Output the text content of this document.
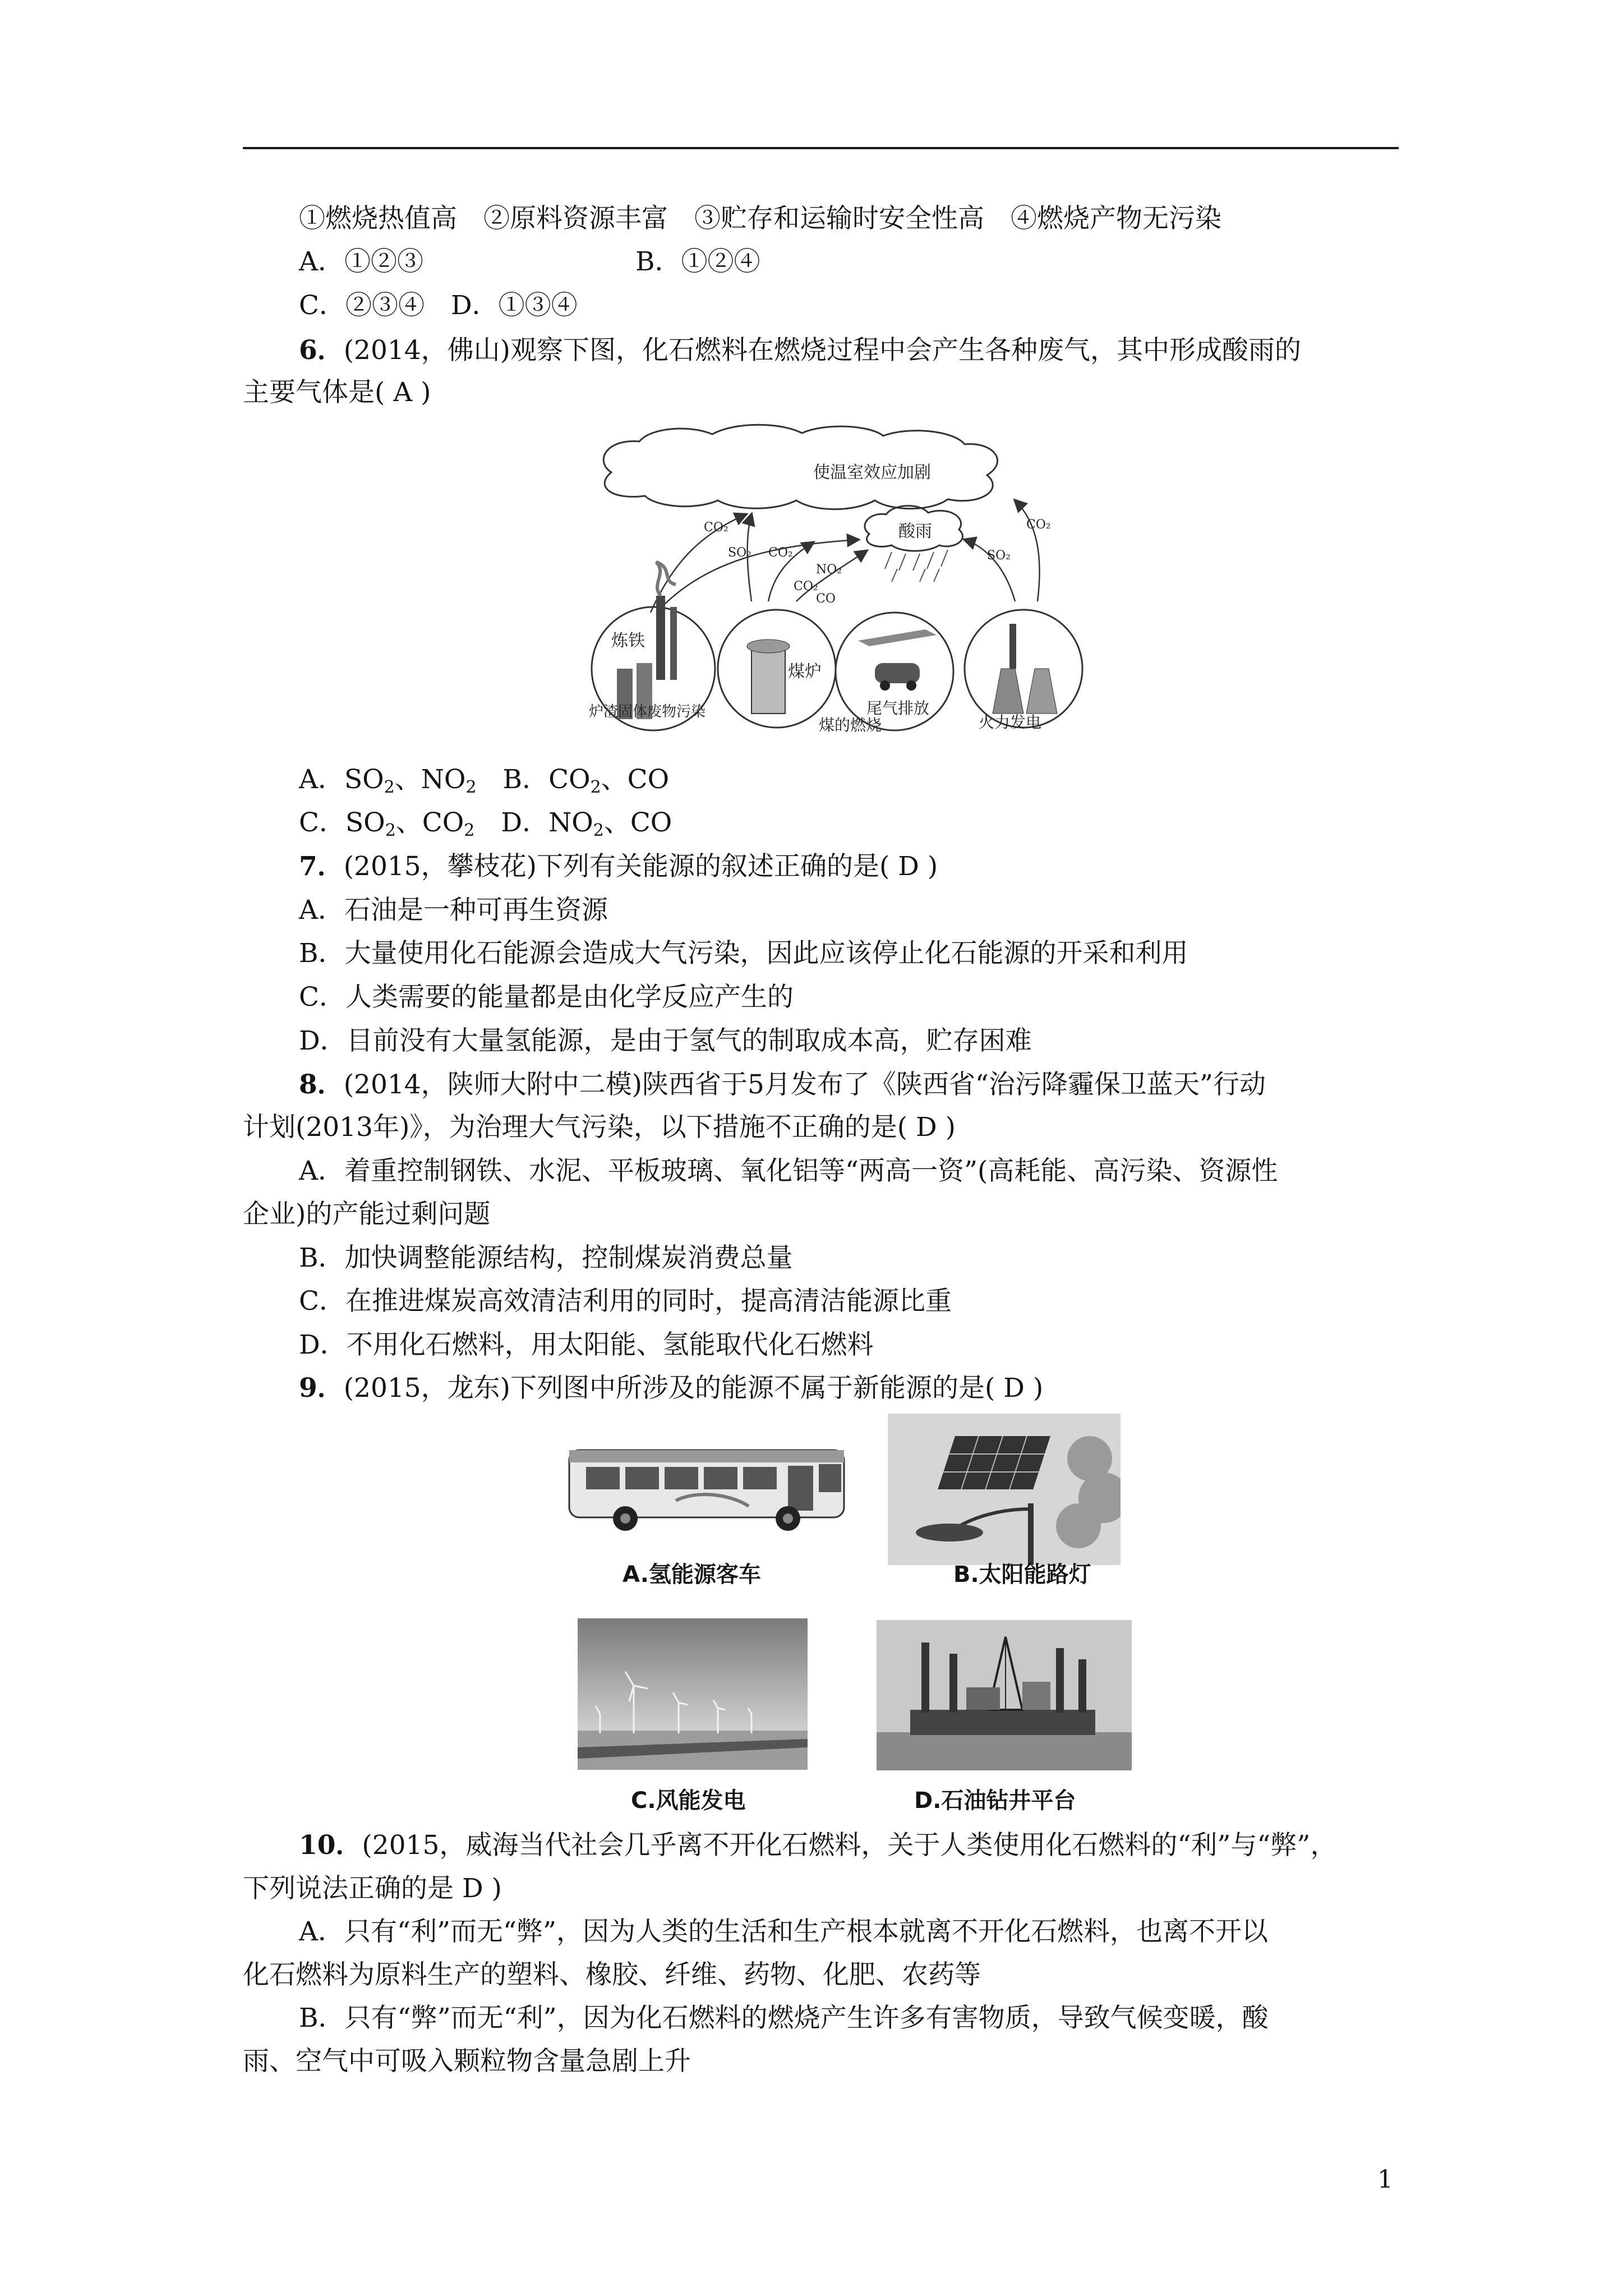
①燃烧热值高　②原料资源丰富　③贮存和运输时安全性高　④燃烧产物无污染
A．①②③	B．①②④
C．②③④　D．①③④
6．(2014，佛山)观察下图，化石燃料在燃烧过程中会产生各种废气，其中形成酸雨的
主要气体是( A )
使温室效应加剧
酸雨
CO₂
SO₂ CO₂
NO₂
CO₂
CO
SO₂
CO₂
炼铁
炉渣固体废物污染
煤炉
煤的燃烧
尾气排放
火力发电
A．$SO_2$、$NO_2$　B．$CO_2$、CO
C．$SO_2$、$CO_2$　D．$NO_2$、CO
7．(2015，攀枝花)下列有关能源的叙述正确的是( D )
A．石油是一种可再生资源
B．大量使用化石能源会造成大气污染，因此应该停止化石能源的开采和利用
C．人类需要的能量都是由化学反应产生的
D．目前没有大量氢能源，是由于氢气的制取成本高，贮存困难
8．(2014，陕师大附中二模)陕西省于5月发布了《陕西省“治污降霾保卫蓝天”行动
计划(2013年)》，为治理大气污染，以下措施不正确的是( D )
A．着重控制钢铁、水泥、平板玻璃、氧化铝等“两高一资”(高耗能、高污染、资源性
企业)的产能过剩问题
B．加快调整能源结构，控制煤炭消费总量
C．在推进煤炭高效清洁利用的同时，提高清洁能源比重
D．不用化石燃料，用太阳能、氢能取代化石燃料
9．(2015，龙东)下列图中所涉及的能源不属于新能源的是( D )
A.氢能源客车	B.太阳能路灯
C.风能发电	D.石油钻井平台
10．(2015，威海当代社会几乎离不开化石燃料，关于人类使用化石燃料的“利”与“弊”，
下列说法正确的是 D )
A．只有“利”而无“弊”，因为人类的生活和生产根本就离不开化石燃料，也离不开以
化石燃料为原料生产的塑料、橡胶、纤维、药物、化肥、农药等
B．只有“弊”而无“利”，因为化石燃料的燃烧产生许多有害物质，导致气候变暖，酸
雨、空气中可吸入颗粒物含量急剧上升
1
